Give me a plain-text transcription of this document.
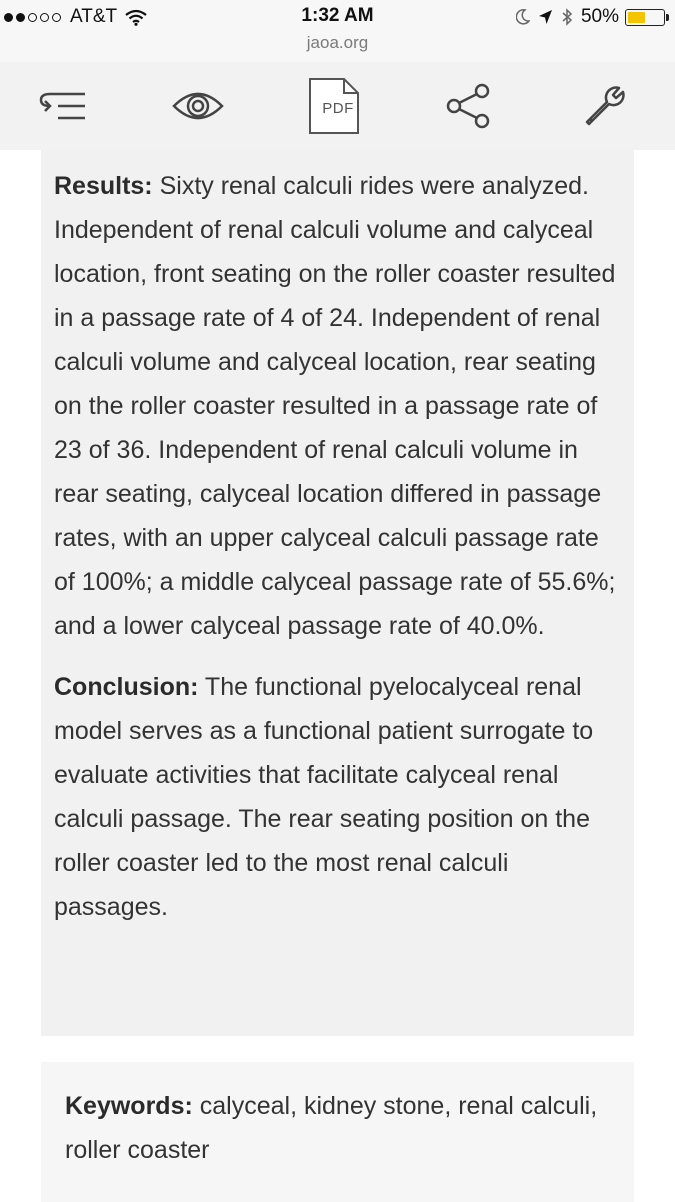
AT&T	1:32 AM
jaoa.org
50%
PDF

Results: Sixty renal calculi rides were analyzed. Independent of renal calculi volume and calyceal location, front seating on the roller coaster resulted in a passage rate of 4 of 24. Independent of renal calculi volume and calyceal location, rear seating on the roller coaster resulted in a passage rate of 23 of 36. Independent of renal calculi volume in rear seating, calyceal location differed in passage rates, with an upper calyceal calculi passage rate of 100%; a middle calyceal passage rate of 55.6%; and a lower calyceal passage rate of 40.0%.

Conclusion: The functional pyelocalyceal renal model serves as a functional patient surrogate to evaluate activities that facilitate calyceal renal calculi passage. The rear seating position on the roller coaster led to the most renal calculi passages.

Keywords: calyceal, kidney stone, renal calculi, roller coaster
